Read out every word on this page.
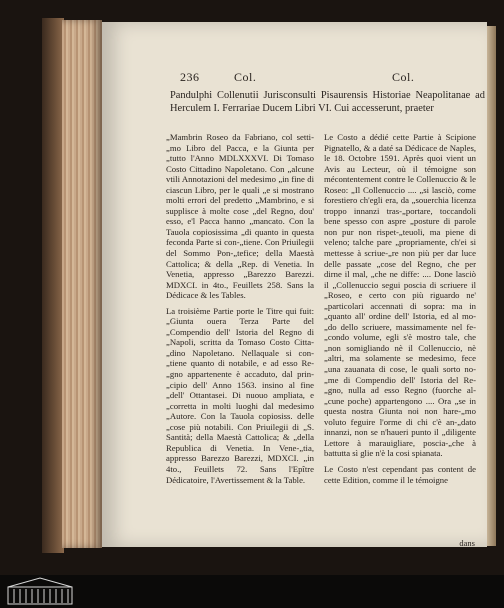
236	Col.	Col.
Pandulphi Collenutii Jurisconsulti Pisaurensis Historiae Neapolitanae ad Herculem I. Ferrariae Ducem Libri VI. Cui accesserunt, praeter

„Mambrin Roseo da Fabriano, col setti-„mo Libro del Pacca, e la Giunta per „tutto l'Anno MDLXXXVI. Di Tomaso Costo Cittadino Napoletano. Con „alcune vtili Annotazioni del medesimo „in fine di ciascun Libro, per le quali „e si mostrano molti errori del predetto „Mambrino, e si supplisce à molte cose „del Regno, dou' esso, e'l Pacca hanno „mancato. Con la Tauola copiosissima „di quanto in questa feconda Parte si con-„tiene. Con Priuilegii del Sommo Pon-„tefice; della Maestà Cattolica; & della „Rep. di Venetia. In Venetia, appresso „Barezzo Barezzi. MDXCI. in 4to., Feuillets 258. Sans la Dédicace & les Tables.

La troisième Partie porte le Titre qui fuit: „Giunta ouera Terza Parte del „Compendio dell' Istoria del Regno di „Napoli, scritta da Tomaso Costo Citta-„dino Napoletano. Nellaquale si con-„tiene quanto di notabile, e ad esso Re-„gno appartenente è accaduto, dal prin-„cipio dell' Anno 1563. insino al fine „dell' Ottantasei. Di nuouo ampliata, e „corretta in molti luoghi dal medesimo „Autore. Con la Tauola copiosiss. delle „cose più notabili. Con Priuilegii di „S. Santità; della Maestà Cattolica; & „della Republica di Venetia. In Vene-„tia, appresso Barezzo Barezzi, MDXCI. „in 4to., Feuillets 72. Sans l'Epître Dédicatoire, l'Avertissement & la Table.

Le Costo a dédié cette Partie à Scipione Pignatello, & a daté sa Dédicace de Naples, le 18. Octobre 1591. Après quoi vient un Avis au Lecteur, où il témoigne son mécontentement contre le Collenuccio & le Roseo: „Il Collenuccio .... „si lasciò, come forestiero ch'egli era, da „souerchia licenza troppo innanzi tras-„portare, toccandoli bene spesso con aspre „posture di parole non pur non rispet-„teuoli, ma piene di veleno; talche pare „propriamente, ch'ei si mettesse à scriue-„re non più per dar luce delle passate „cose del Regno, che per dirne il mal, „che ne diffe: .... Done lasciò il „Collenuccio segui poscia di scriuere il „Roseo, e certo con più riguardo ne' „particolari accennati di sopra: ma in „quanto all' ordine dell' Istoria, ed al mo-„do dello scriuere, massimamente nel fe-„condo volume, egli s'è mostro tale, che „non somigliando nè il Collenuccio, nè „altri, ma solamente se medesimo, fece „una zauanata di cose, le quali sorto no-„me di Compendio dell' Istoria del Re-„gno, nulla ad esso Regno (fuorche al-„cune poche) appartengono .... Ora „se in questa nostra Giunta noi non hare-„mo voluto feguire l'orme di chi c'è an-„dato innanzi, non se n'haueri punto il „diligente Lettore à marauigliare, poscia-„che à battutta sì glie n'è la cosi spianata.

Le Costo n'est cependant pas content de cette Edition, comme il le témoigne

dans
